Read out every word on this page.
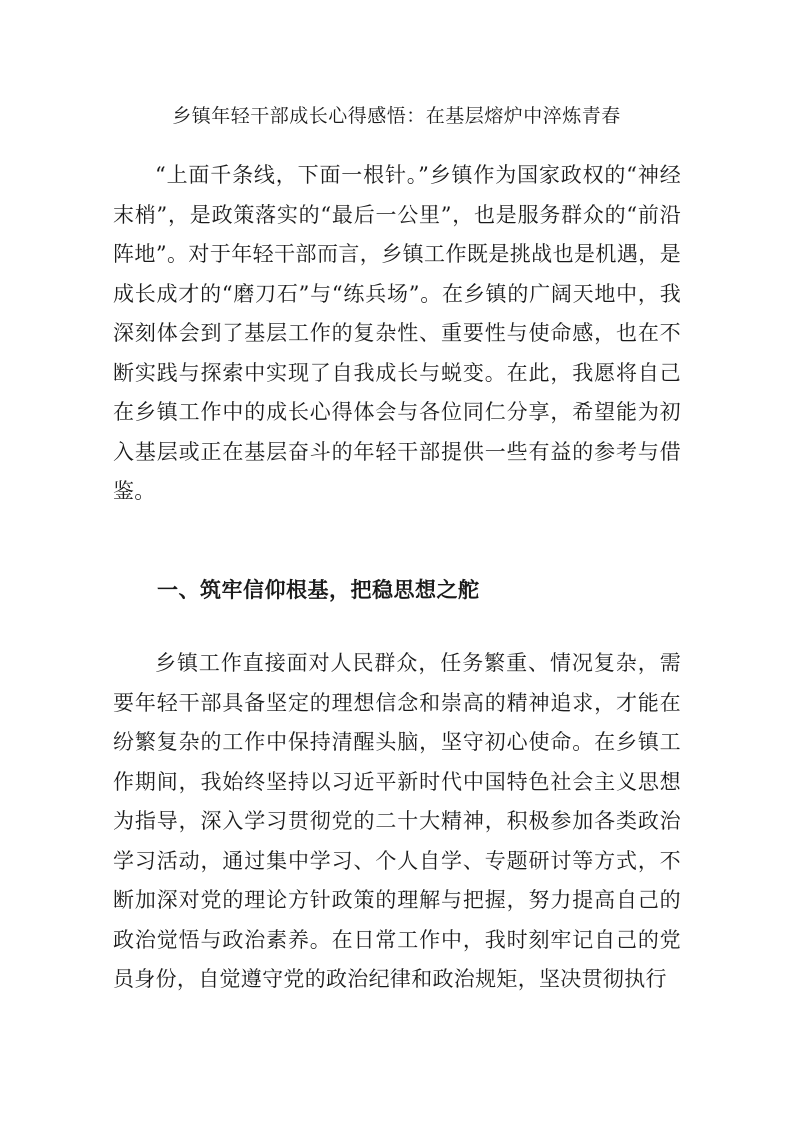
乡镇年轻干部成长心得感悟：在基层熔炉中淬炼青春
“上面千条线，下面一根针。”乡镇作为国家政权的“神经末梢”，是政策落实的“最后一公里”，也是服务群众的“前沿阵地”。对于年轻干部而言，乡镇工作既是挑战也是机遇，是成长成才的“磨刀石”与“练兵场”。在乡镇的广阔天地中，我深刻体会到了基层工作的复杂性、重要性与使命感，也在不断实践与探索中实现了自我成长与蜕变。在此，我愿将自己在乡镇工作中的成长心得体会与各位同仁分享，希望能为初入基层或正在基层奋斗的年轻干部提供一些有益的参考与借鉴。
一、筑牢信仰根基，把稳思想之舵
乡镇工作直接面对人民群众，任务繁重、情况复杂，需要年轻干部具备坚定的理想信念和崇高的精神追求，才能在纷繁复杂的工作中保持清醒头脑，坚守初心使命。在乡镇工作期间，我始终坚持以习近平新时代中国特色社会主义思想为指导，深入学习贯彻党的二十大精神，积极参加各类政治学习活动，通过集中学习、个人自学、专题研讨等方式，不断加深对党的理论方针政策的理解与把握，努力提高自己的政治觉悟与政治素养。在日常工作中，我时刻牢记自己的党员身份，自觉遵守党的政治纪律和政治规矩，坚决贯彻执行
